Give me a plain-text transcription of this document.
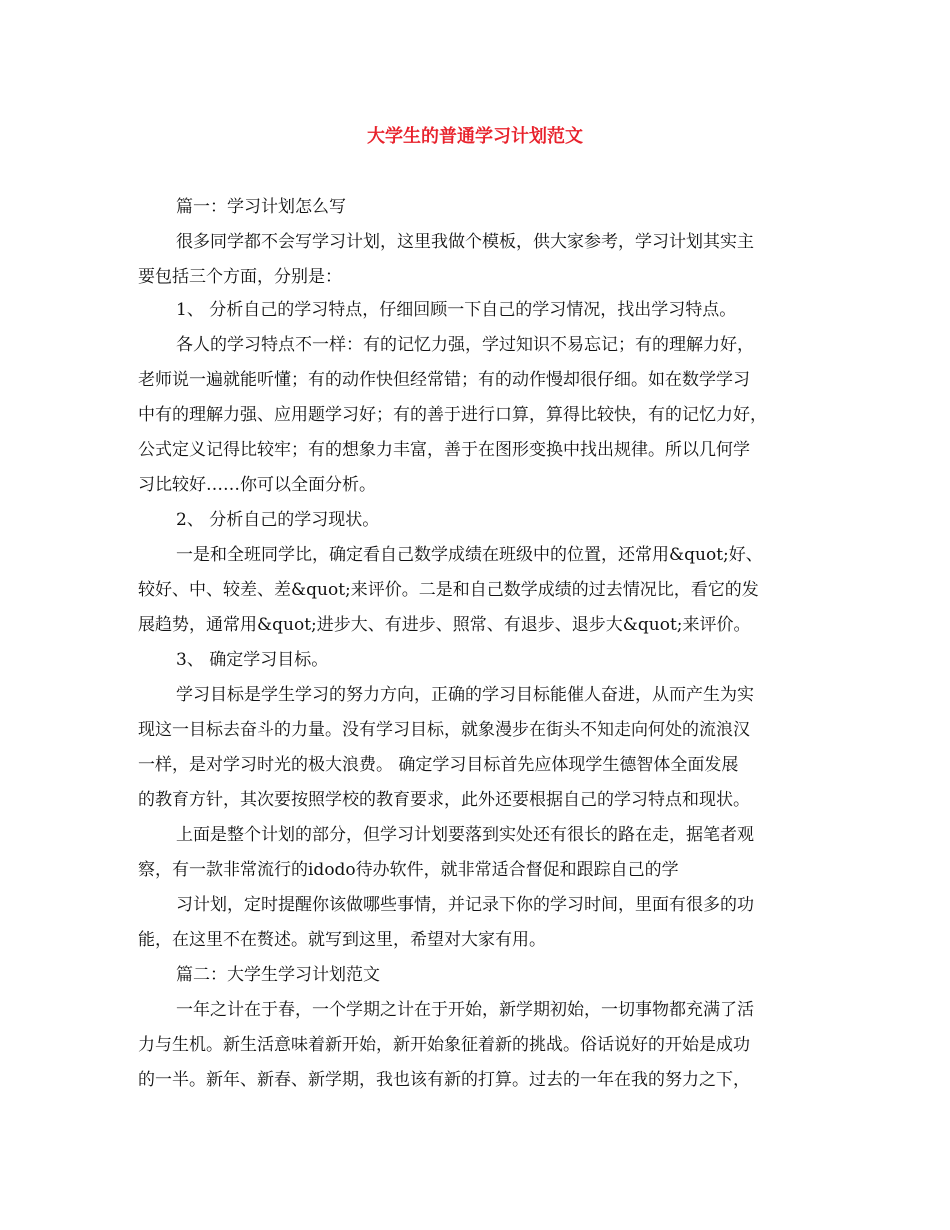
大学生的普通学习计划范文
篇一：学习计划怎么写
很多同学都不会写学习计划，这里我做个模板，供大家参考，学习计划其实主
要包括三个方面，分别是：
1、 分析自己的学习特点，仔细回顾一下自己的学习情况，找出学习特点。
各人的学习特点不一样：有的记忆力强，学过知识不易忘记；有的理解力好，
老师说一遍就能听懂；有的动作快但经常错；有的动作慢却很仔细。如在数学学习
中有的理解力强、应用题学习好；有的善于进行口算，算得比较快，有的记忆力好，
公式定义记得比较牢；有的想象力丰富，善于在图形变换中找出规律。所以几何学
习比较好……你可以全面分析。
2、 分析自己的学习现状。
一是和全班同学比，确定看自己数学成绩在班级中的位置，还常用&quot;好、
较好、中、较差、差&quot;来评价。二是和自己数学成绩的过去情况比，看它的发
展趋势，通常用&quot;进步大、有进步、照常、有退步、退步大&quot;来评价。
3、 确定学习目标。
学习目标是学生学习的努力方向，正确的学习目标能催人奋进，从而产生为实
现这一目标去奋斗的力量。没有学习目标，就象漫步在街头不知走向何处的流浪汉
一样，是对学习时光的极大浪费。 确定学习目标首先应体现学生德智体全面发展
的教育方针，其次要按照学校的教育要求，此外还要根据自己的学习特点和现状。
上面是整个计划的部分，但学习计划要落到实处还有很长的路在走，据笔者观
察，有一款非常流行的idodo待办软件，就非常适合督促和跟踪自己的学
习计划，定时提醒你该做哪些事情，并记录下你的学习时间，里面有很多的功
能，在这里不在赘述。就写到这里，希望对大家有用。
篇二：大学生学习计划范文
一年之计在于春，一个学期之计在于开始，新学期初始，一切事物都充满了活
力与生机。新生活意味着新开始，新开始象征着新的挑战。俗话说好的开始是成功
的一半。新年、新春、新学期，我也该有新的打算。过去的一年在我的努力之下，
